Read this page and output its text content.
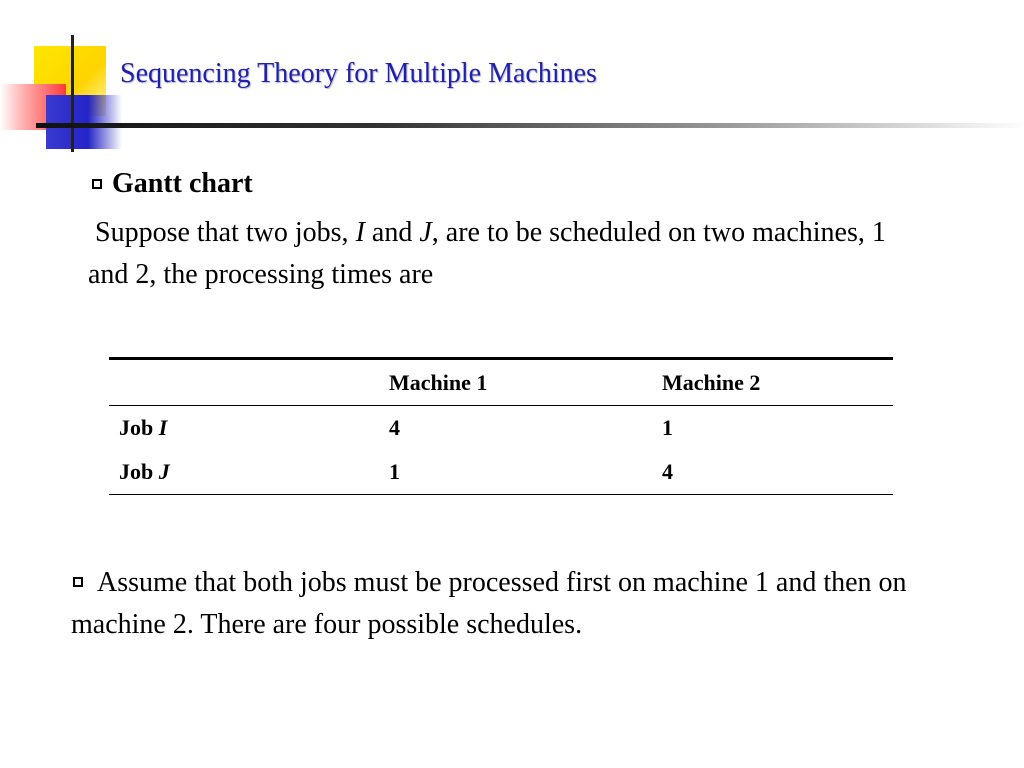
Sequencing Theory for Multiple Machines
Gantt chart

Suppose that two jobs, I and J, are to be scheduled on two machines, 1 and 2, the processing times are

	Machine 1	Machine 2
Job I	4	1
Job J	1	4

Assume that both jobs must be processed first on machine 1 and then on machine 2. There are four possible schedules.
